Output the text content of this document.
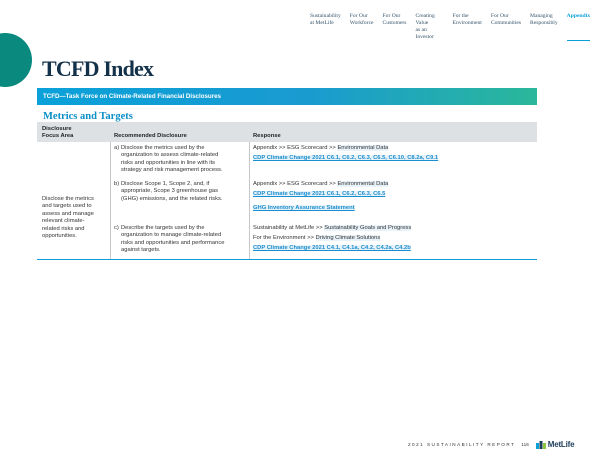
Sustainability
at MetLife
For Our
Workforce
For Our
Customers
Creating Value
as an Investor
For the
Environment
For Our
Communities
Managing
Responsibly
Appendix
TCFD Index
TCFD—Task Force on Climate-Related Financial Disclosures
Metrics and Targets
Disclosure
Focus Area	Recommended Disclosure	Response
Disclose the metrics
and targets used to
assess and manage
relevant climate-
related risks and
opportunities.
a) Disclose the metrics used by the
organization to assess climate-related
risks and opportunities in line with its
strategy and risk management process.
b) Disclose Scope 1, Scope 2, and, if
appropriate, Scope 3 greenhouse gas
(GHG) emissions, and the related risks.
c) Describe the targets used by the
organization to manage climate-related
risks and opportunities and performance
against targets.
Appendix >> ESG Scorecard >> Environmental Data
CDP Climate Change 2021 C6.1, C6.2, C6.3, C6.5, C6.10, C8.2a, C9.1
Appendix >> ESG Scorecard >> Environmental Data
CDP Climate Change 2021 C6.1, C6.2, C6.3, C6.5
GHG Inventory Assurance Statement
Sustainability at MetLife >> Sustainability Goals and Progress
For the Environment >> Driving Climate Solutions
CDP Climate Change 2021 C4.1, C4.1a, C4.2, C4.2a, C4.2b
2021 SUSTAINABILITY REPORT 116 MetLife
